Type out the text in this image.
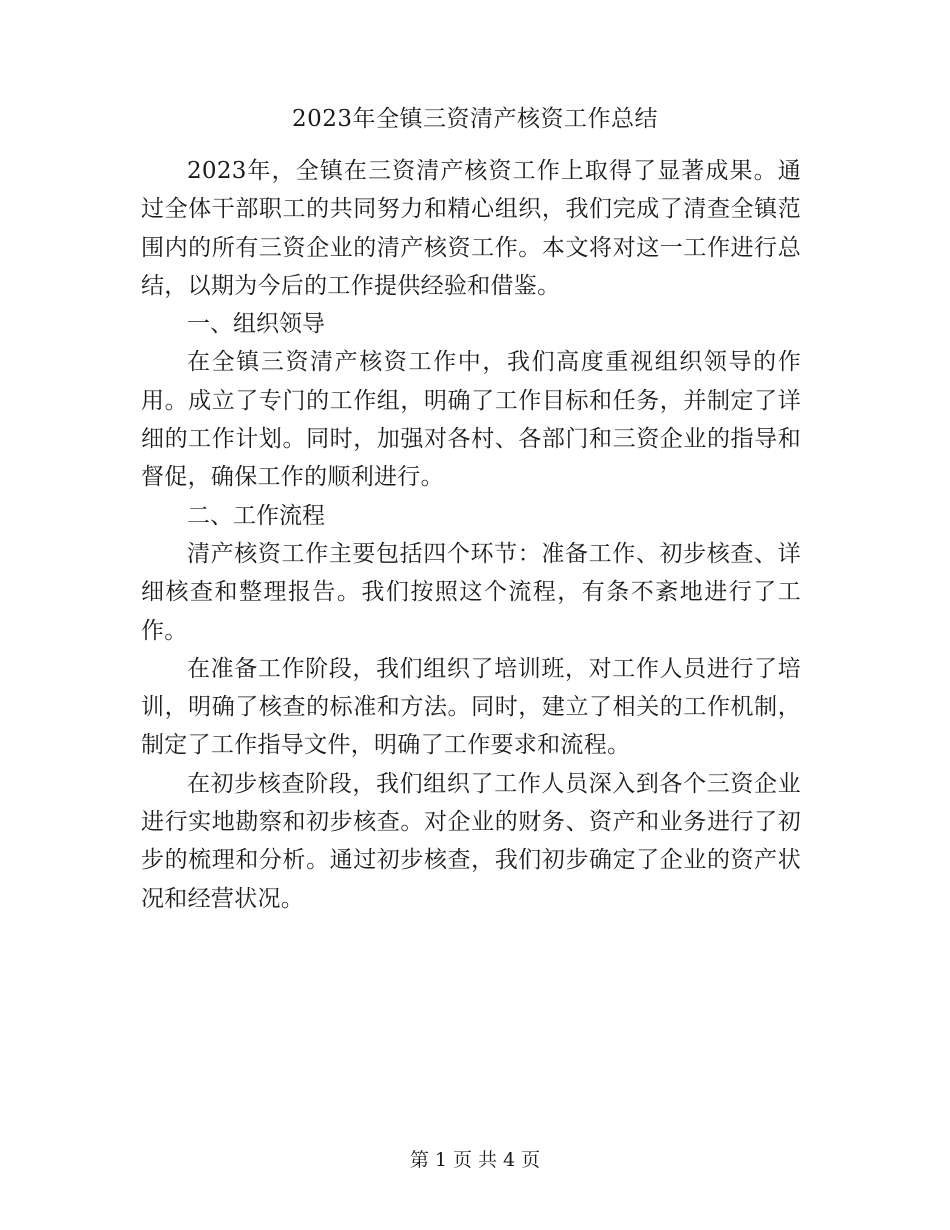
2023年全镇三资清产核资工作总结

2023年，全镇在三资清产核资工作上取得了显著成果。通过全体干部职工的共同努力和精心组织，我们完成了清查全镇范围内的所有三资企业的清产核资工作。本文将对这一工作进行总结，以期为今后的工作提供经验和借鉴。

一、组织领导

在全镇三资清产核资工作中，我们高度重视组织领导的作用。成立了专门的工作组，明确了工作目标和任务，并制定了详细的工作计划。同时，加强对各村、各部门和三资企业的指导和督促，确保工作的顺利进行。

二、工作流程

清产核资工作主要包括四个环节：准备工作、初步核查、详细核查和整理报告。我们按照这个流程，有条不紊地进行了工作。

在准备工作阶段，我们组织了培训班，对工作人员进行了培训，明确了核查的标准和方法。同时，建立了相关的工作机制，制定了工作指导文件，明确了工作要求和流程。

在初步核查阶段，我们组织了工作人员深入到各个三资企业进行实地勘察和初步核查。对企业的财务、资产和业务进行了初步的梳理和分析。通过初步核查，我们初步确定了企业的资产状况和经营状况。

第 1 页 共 4 页
